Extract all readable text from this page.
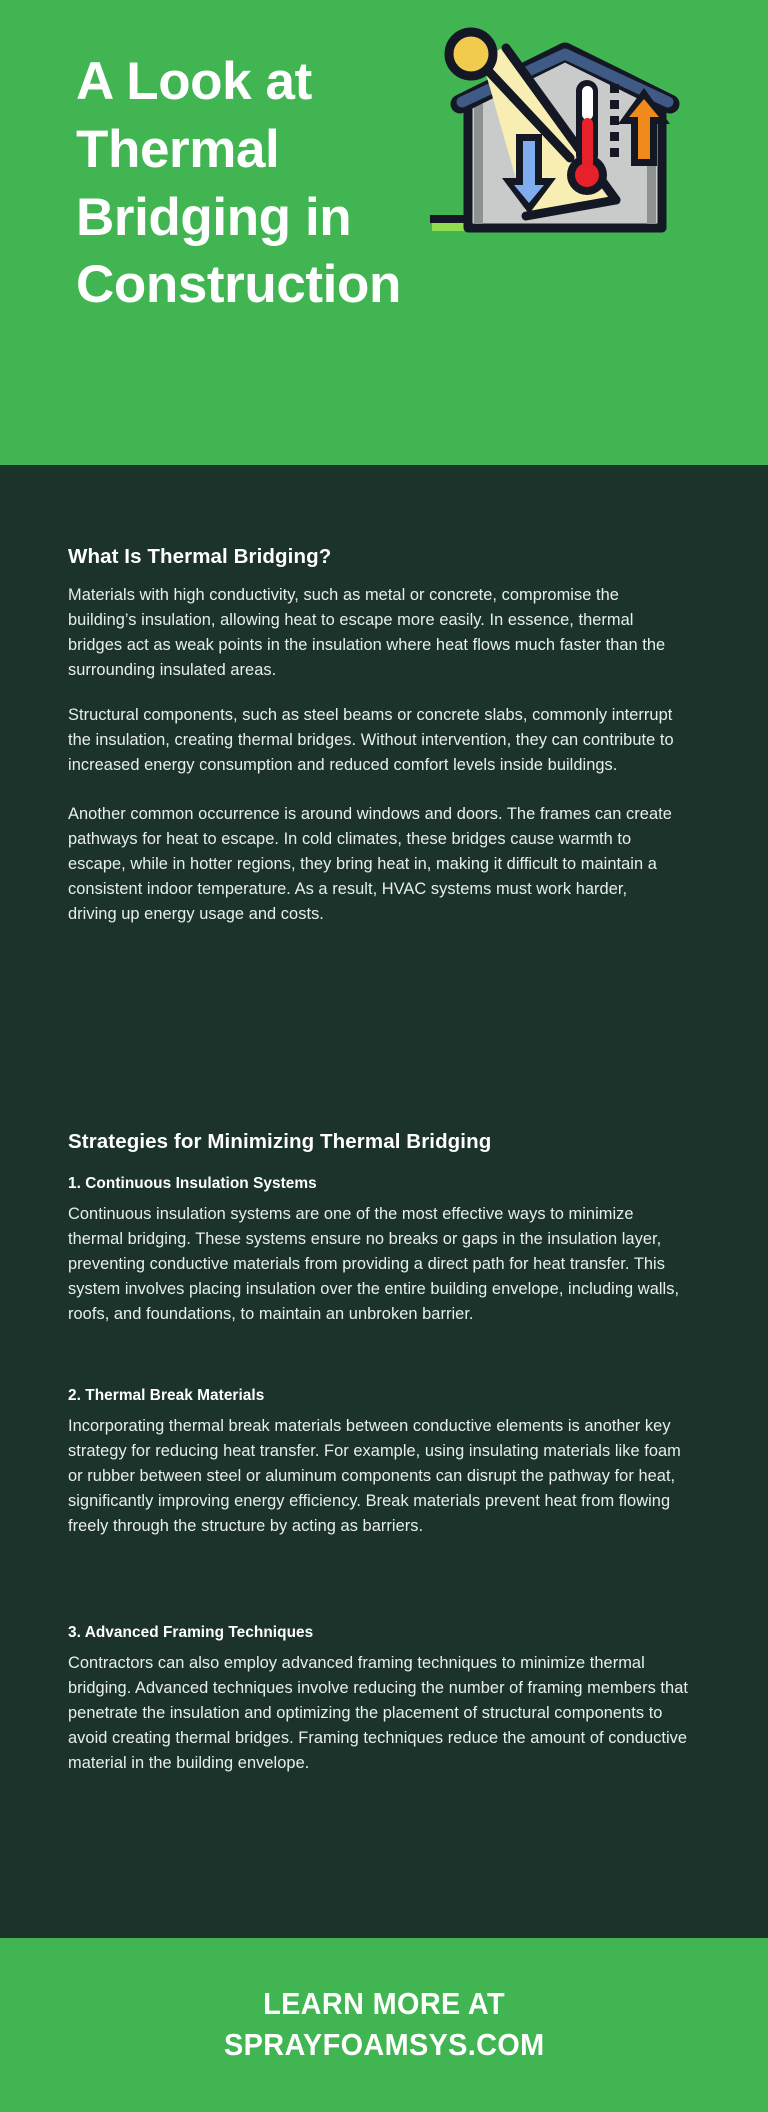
A Look at Thermal Bridging in Construction
What Is Thermal Bridging?

Materials with high conductivity, such as metal or concrete, compromise the building’s insulation, allowing heat to escape more easily. In essence, thermal bridges act as weak points in the insulation where heat flows much faster than the surrounding insulated areas.

Structural components, such as steel beams or concrete slabs, commonly interrupt the insulation, creating thermal bridges. Without intervention, they can contribute to increased energy consumption and reduced comfort levels inside buildings.

Another common occurrence is around windows and doors. The frames can create pathways for heat to escape. In cold climates, these bridges cause warmth to escape, while in hotter regions, they bring heat in, making it difficult to maintain a consistent indoor temperature. As a result, HVAC systems must work harder, driving up energy usage and costs.

Strategies for Minimizing Thermal Bridging
1. Continuous Insulation Systems

Continuous insulation systems are one of the most effective ways to minimize thermal bridging. These systems ensure no breaks or gaps in the insulation layer, preventing conductive materials from providing a direct path for heat transfer. This system involves placing insulation over the entire building envelope, including walls, roofs, and foundations, to maintain an unbroken barrier.

2. Thermal Break Materials

Incorporating thermal break materials between conductive elements is another key strategy for reducing heat transfer. For example, using insulating materials like foam or rubber between steel or aluminum components can disrupt the pathway for heat, significantly improving energy efficiency. Break materials prevent heat from flowing freely through the structure by acting as barriers.

3. Advanced Framing Techniques

Contractors can also employ advanced framing techniques to minimize thermal bridging. Advanced techniques involve reducing the number of framing members that penetrate the insulation and optimizing the placement of structural components to avoid creating thermal bridges. Framing techniques reduce the amount of conductive material in the building envelope.

LEARN MORE AT
SPRAYFOAMSYS.COM
